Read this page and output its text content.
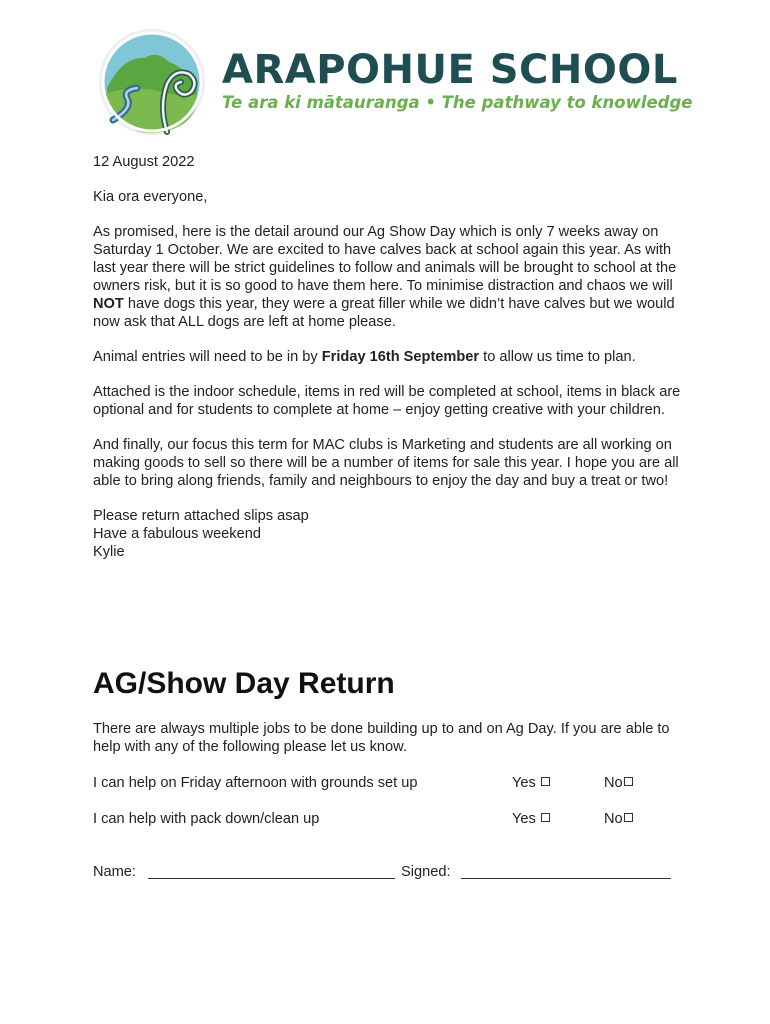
ARAPOHUE SCHOOL
Te ara ki mātauranga • The pathway to knowledge

12 August 2022

Kia ora everyone,

As promised, here is the detail around our Ag Show Day which is only 7 weeks away on Saturday 1 October. We are excited to have calves back at school again this year. As with last year there will be strict guidelines to follow and animals will be brought to school at the owners risk, but it is so good to have them here. To minimise distraction and chaos we will NOT have dogs this year, they were a great filler while we didn’t have calves but we would now ask that ALL dogs are left at home please.

Animal entries will need to be in by Friday 16th September to allow us time to plan.

Attached is the indoor schedule, items in red will be completed at school, items in black are optional and for students to complete at home – enjoy getting creative with your children.

And finally, our focus this term for MAC clubs is Marketing and students are all working on making goods to sell so there will be a number of items for sale this year. I hope you are all able to bring along friends, family and neighbours to enjoy the day and buy a treat or two!

Please return attached slips asap

Have a fabulous weekend

Kylie

AG/Show Day Return
There are always multiple jobs to be done building up to and on Ag Day. If you are able to help with any of the following please let us know.
I can help on Friday afternoon with grounds set up	Yes	No
I can help with pack down/clean up	Yes	No
Name:	Signed:
